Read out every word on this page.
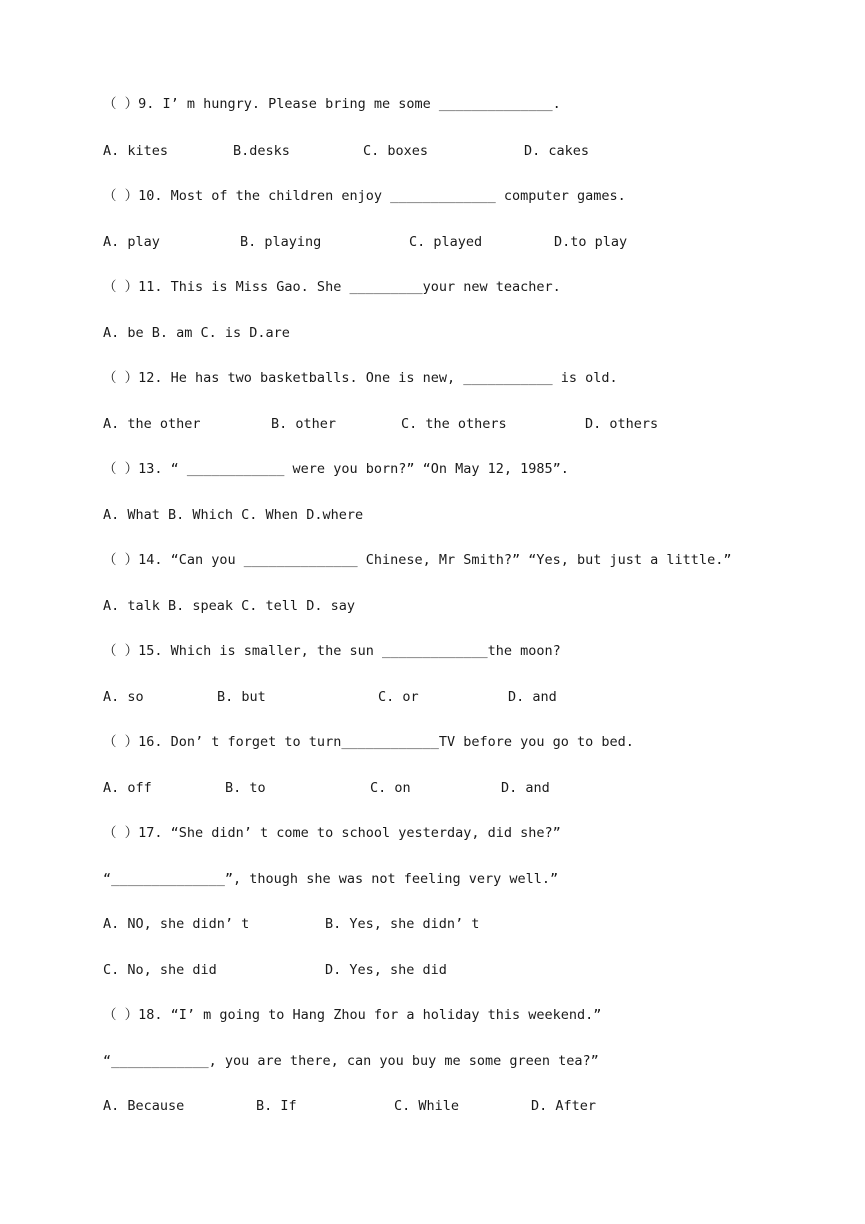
（ ）9. I’ m hungry. Please bring me some ______________.
A. kites	B.desks	C. boxes	D. cakes
（ ）10. Most of the children enjoy _____________ computer games.
A. play	B. playing	C. played	D.to play
（ ）11. This is Miss Gao. She _________your new teacher.
A. be B. am C. is D.are
（ ）12. He has two basketballs. One is new, ___________ is old.
A. the other	B. other	C. the others	D. others
（ ）13. “ ____________ were you born?” “On May 12, 1985”.
A. What B. Which C. When D.where
（ ）14. “Can you ______________ Chinese, Mr Smith?” “Yes, but just a little.”
A. talk B. speak C. tell D. say
（ ）15. Which is smaller, the sun _____________the moon?
A. so	B. but	C. or	D. and
（ ）16. Don’ t forget to turn____________TV before you go to bed.
A. off	B. to	C. on	D. and
（ ）17. “She didn’ t come to school yesterday, did she?”
“______________”, though she was not feeling very well.”
A. NO, she didn’ t	B. Yes, she didn’ t
C. No, she did	D. Yes, she did
（ ）18. “I’ m going to Hang Zhou for a holiday this weekend.”
“____________, you are there, can you buy me some green tea?”
A. Because	B. If	C. While	D. After
